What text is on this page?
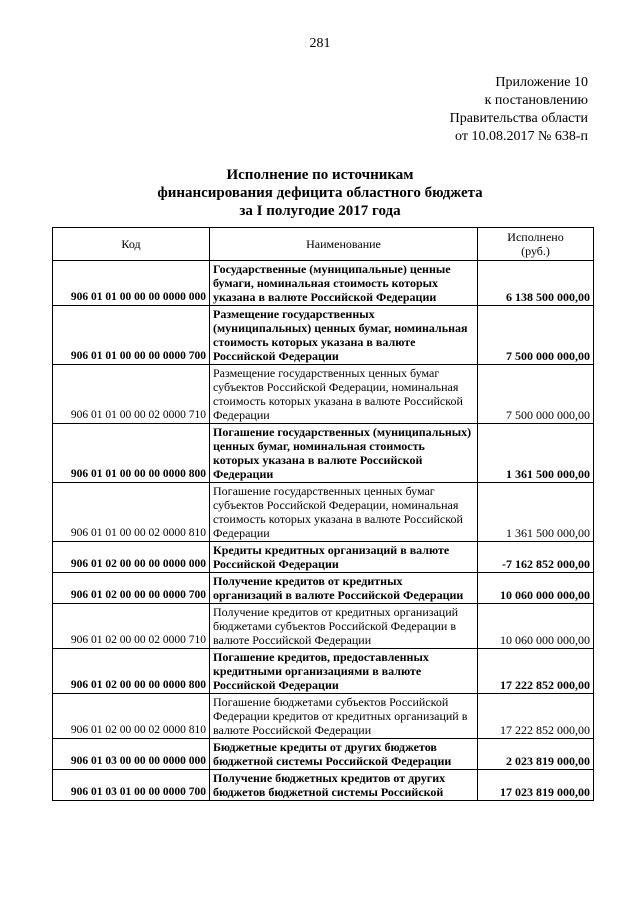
281
Приложение 10
к постановлению
Правительства области
от 10.08.2017 № 638-п
Исполнение по источникам
финансирования дефицита областного бюджета
за I полугодие 2017 года
Код	Наименование	Исполнено
(руб.)

906 01 01 00 00 00 0000 000	Государственные (муниципальные) ценные бумаги, номинальная стоимость которых указана в валюте Российской Федерации	6 138 500 000,00
906 01 01 00 00 00 0000 700	Размещение государственных (муниципальных) ценных бумаг, номинальная стоимость которых указана в валюте Российской Федерации	7 500 000 000,00
906 01 01 00 00 02 0000 710	Размещение государственных ценных бумаг субъектов Российской Федерации, номинальная стоимость которых указана в валюте Российской Федерации	7 500 000 000,00
906 01 01 00 00 00 0000 800	Погашение государственных (муниципальных) ценных бумаг, номинальная стоимость которых указана в валюте Российской Федерации	1 361 500 000,00
906 01 01 00 00 02 0000 810	Погашение государственных ценных бумаг субъектов Российской Федерации, номинальная стоимость которых указана в валюте Российской Федерации	1 361 500 000,00
906 01 02 00 00 00 0000 000	Кредиты кредитных организаций в валюте Российской Федерации	-7 162 852 000,00
906 01 02 00 00 00 0000 700	Получение кредитов от кредитных организаций в валюте Российской Федерации	10 060 000 000,00
906 01 02 00 00 02 0000 710	Получение кредитов от кредитных организаций бюджетами субъектов Российской Федерации в валюте Российской Федерации	10 060 000 000,00
906 01 02 00 00 00 0000 800	Погашение кредитов, предоставленных кредитными организациями в валюте Российской Федерации	17 222 852 000,00
906 01 02 00 00 02 0000 810	Погашение бюджетами субъектов Российской Федерации кредитов от кредитных организаций в валюте Российской Федерации	17 222 852 000,00
906 01 03 00 00 00 0000 000	Бюджетные кредиты от других бюджетов бюджетной системы Российской Федерации	2 023 819 000,00
906 01 03 01 00 00 0000 700	Получение бюджетных кредитов от других бюджетов бюджетной системы Российской	17 023 819 000,00
